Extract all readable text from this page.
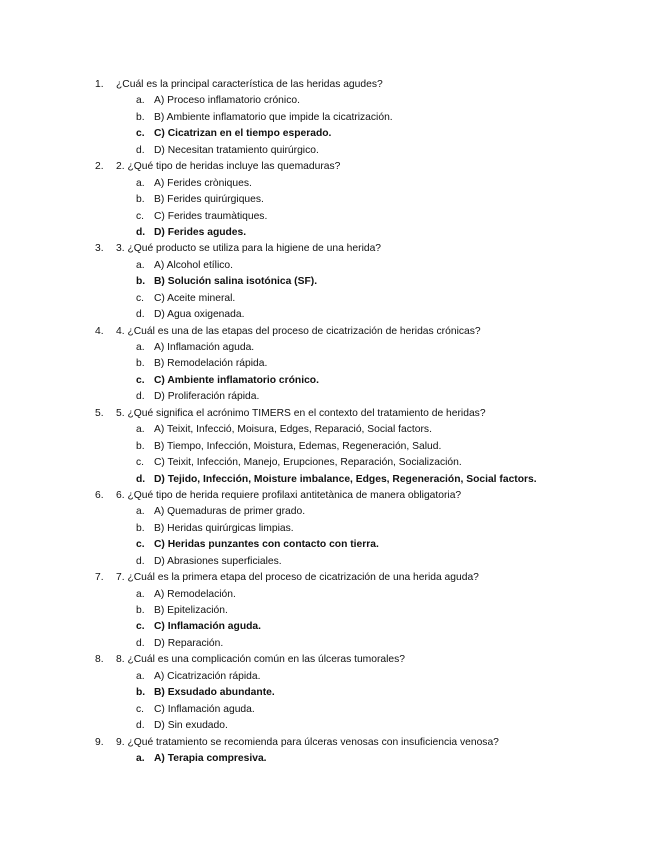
1. ¿Cuál es la principal característica de las heridas agudes?
a. A) Proceso inflamatorio crónico.
b. B) Ambiente inflamatorio que impide la cicatrización.
c. C) Cicatrizan en el tiempo esperado.
d. D) Necesitan tratamiento quirúrgico.
2. 2. ¿Qué tipo de heridas incluye las quemaduras?
a. A) Ferides cròniques.
b. B) Ferides quirúrgiques.
c. C) Ferides traumàtiques.
d. D) Ferides agudes.
3. 3. ¿Qué producto se utiliza para la higiene de una herida?
a. A) Alcohol etílico.
b. B) Solución salina isotónica (SF).
c. C) Aceite mineral.
d. D) Agua oxigenada.
4. 4. ¿Cuál es una de las etapas del proceso de cicatrización de heridas crónicas?
a. A) Inflamación aguda.
b. B) Remodelación rápida.
c. C) Ambiente inflamatorio crónico.
d. D) Proliferación rápida.
5. 5. ¿Qué significa el acrónimo TIMERS en el contexto del tratamiento de heridas?
a. A) Teixit, Infecció, Moisura, Edges, Reparació, Social factors.
b. B) Tiempo, Infección, Moistura, Edemas, Regeneración, Salud.
c. C) Teixit, Infección, Manejo, Erupciones, Reparación, Socialización.
d. D) Tejido, Infección, Moisture imbalance, Edges, Regeneración, Social factors.
6. 6. ¿Qué tipo de herida requiere profilaxi antitetànica de manera obligatoria?
a. A) Quemaduras de primer grado.
b. B) Heridas quirúrgicas limpias.
c. C) Heridas punzantes con contacto con tierra.
d. D) Abrasiones superficiales.
7. 7. ¿Cuál es la primera etapa del proceso de cicatrización de una herida aguda?
a. A) Remodelación.
b. B) Epitelización.
c. C) Inflamación aguda.
d. D) Reparación.
8. 8. ¿Cuál es una complicación común en las úlceras tumorales?
a. A) Cicatrización rápida.
b. B) Exsudado abundante.
c. C) Inflamación aguda.
d. D) Sin exudado.
9. 9. ¿Qué tratamiento se recomienda para úlceras venosas con insuficiencia venosa?
a. A) Terapia compresiva.
